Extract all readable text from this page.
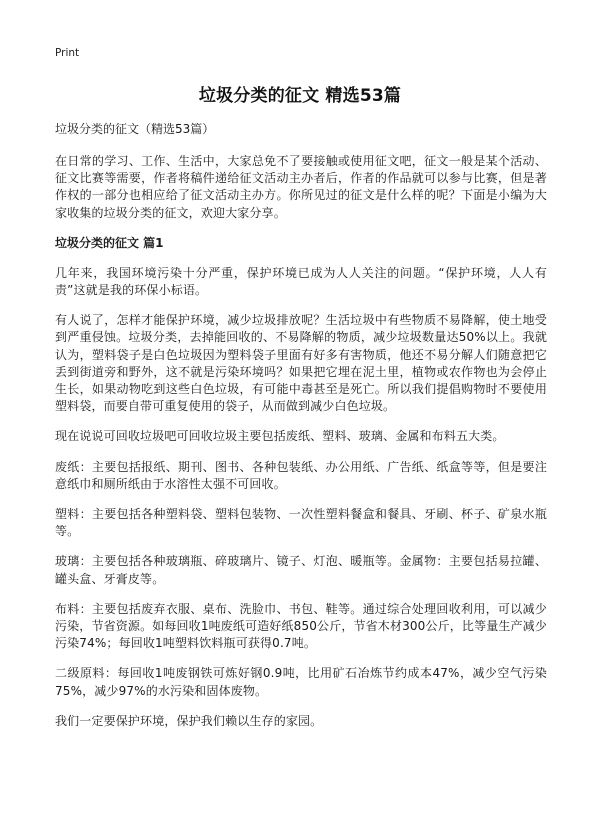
Print
垃圾分类的征文 精选53篇

垃圾分类的征文（精选53篇）

在日常的学习、工作、生活中，大家总免不了要接触或使用征文吧，征文一般是某个活动、征文比赛等需要，作者将稿件递给征文活动主办者后，作者的作品就可以参与比赛，但是著作权的一部分也相应给了征文活动主办方。你所见过的征文是什么样的呢？下面是小编为大家收集的垃圾分类的征文，欢迎大家分享。

垃圾分类的征文 篇1

几年来，我国环境污染十分严重，保护环境已成为人人关注的问题。“保护环境，人人有责”这就是我的环保小标语。

有人说了，怎样才能保护环境，减少垃圾排放呢？生活垃圾中有些物质不易降解，使土地受到严重侵蚀。垃圾分类，去掉能回收的、不易降解的物质，减少垃圾数量达50%以上。我就认为，塑料袋子是白色垃圾因为塑料袋子里面有好多有害物质，他还不易分解人们随意把它丢到街道旁和野外，这不就是污染环境吗？如果把它埋在泥土里，植物或农作物也为会停止生长，如果动物吃到这些白色垃圾，有可能中毒甚至是死亡。所以我们提倡购物时不要使用塑料袋，而要自带可重复使用的袋子，从而做到减少白色垃圾。

现在说说可回收垃圾吧可回收垃圾主要包括废纸、塑料、玻璃、金属和布料五大类。

废纸：主要包括报纸、期刊、图书、各种包装纸、办公用纸、广告纸、纸盒等等，但是要注意纸巾和厕所纸由于水溶性太强不可回收。

塑料：主要包括各种塑料袋、塑料包装物、一次性塑料餐盒和餐具、牙刷、杯子、矿泉水瓶等。

玻璃：主要包括各种玻璃瓶、碎玻璃片、镜子、灯泡、暖瓶等。金属物：主要包括易拉罐、罐头盒、牙膏皮等。

布料：主要包括废弃衣服、桌布、洗脸巾、书包、鞋等。通过综合处理回收利用，可以减少污染，节省资源。如每回收1吨废纸可造好纸850公斤，节省木材300公斤，比等量生产减少污染74%；每回收1吨塑料饮料瓶可获得0.7吨。

二级原料：每回收1吨废钢铁可炼好钢0.9吨，比用矿石冶炼节约成本47%，减少空气污染75%，减少97%的水污染和固体废物。

我们一定要保护环境，保护我们赖以生存的家园。
